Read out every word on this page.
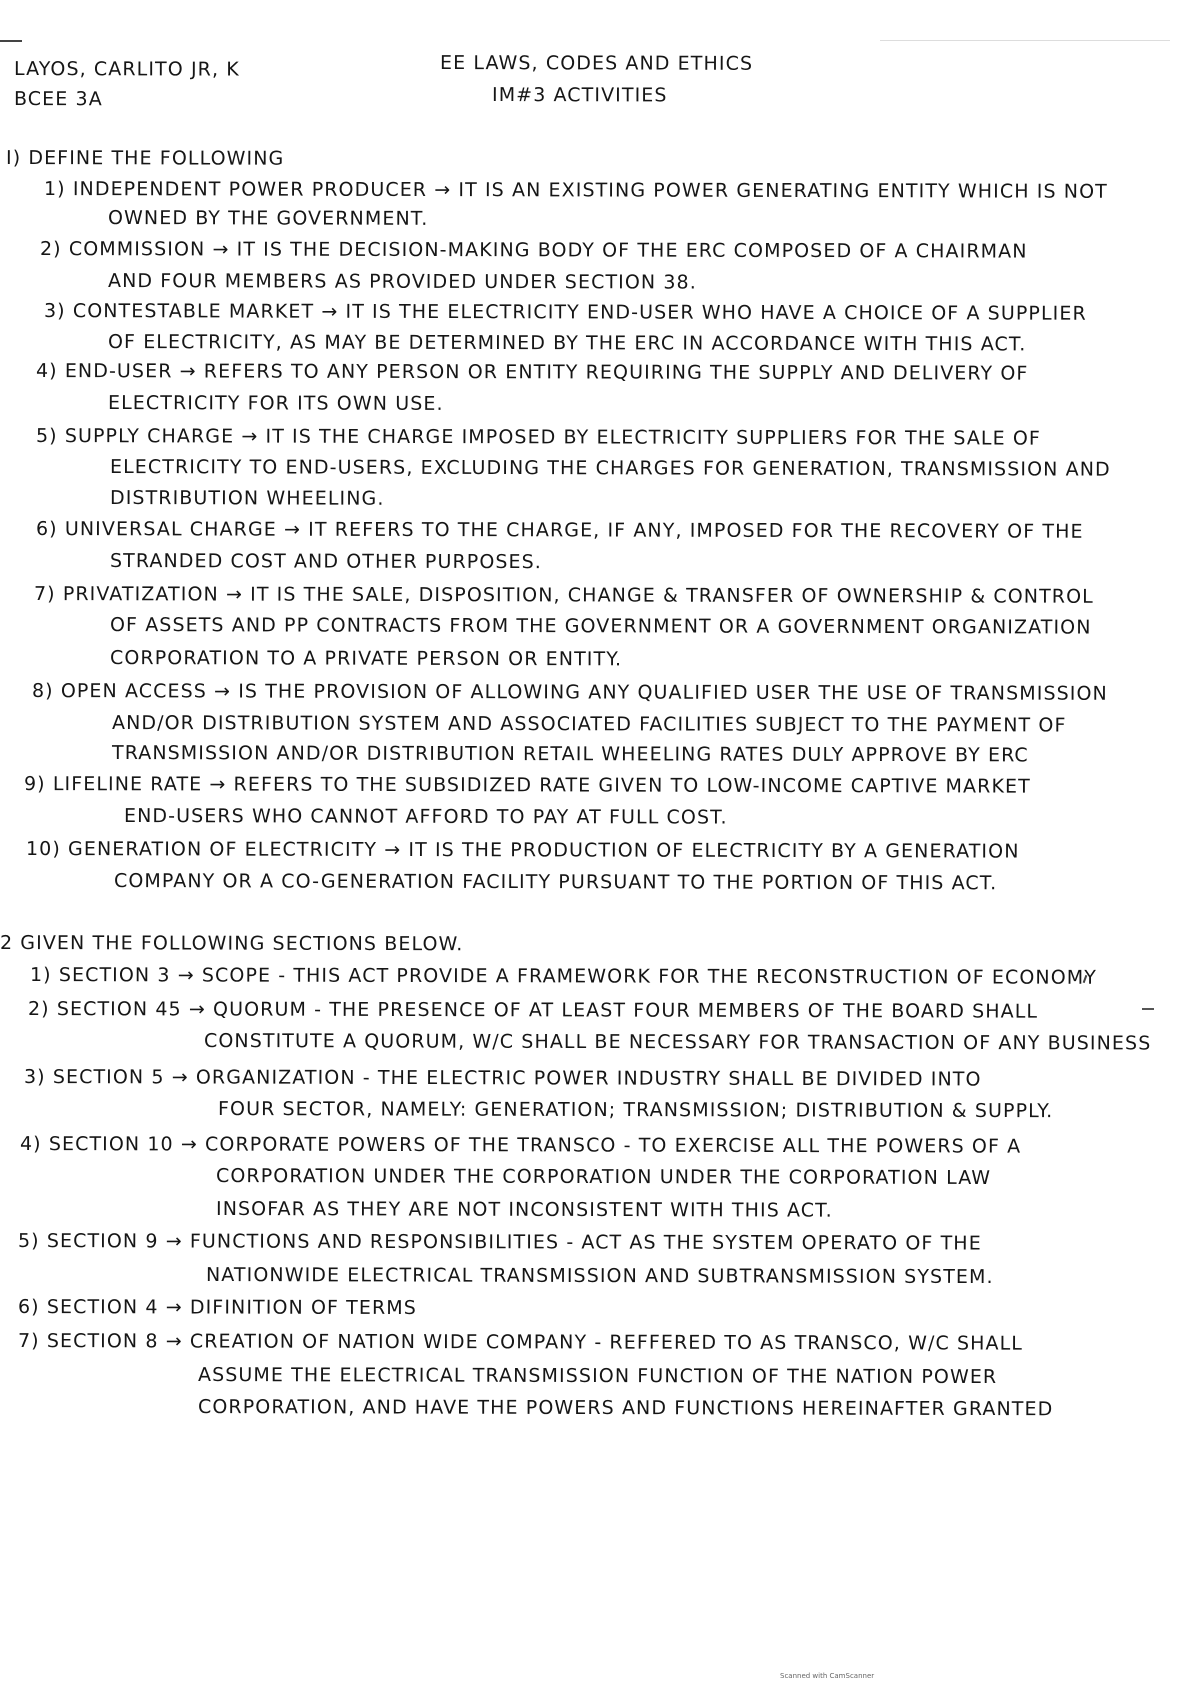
LAYOS, CARLITO JR, K
BCEE 3A
EE LAWS, CODES AND ETHICS
IM#3 ACTIVITIES
I) DEFINE THE FOLLOWING
1) INDEPENDENT POWER PRODUCER → IT IS AN EXISTING POWER GENERATING ENTITY WHICH IS NOT
OWNED BY THE GOVERNMENT.
2) COMMISSION → IT IS THE DECISION-MAKING BODY OF THE ERC COMPOSED OF A CHAIRMAN
AND FOUR MEMBERS AS PROVIDED UNDER SECTION 38.
3) CONTESTABLE MARKET → IT IS THE ELECTRICITY END-USER WHO HAVE A CHOICE OF A SUPPLIER
OF ELECTRICITY, AS MAY BE DETERMINED BY THE ERC IN ACCORDANCE WITH THIS ACT.
4) END-USER → REFERS TO ANY PERSON OR ENTITY REQUIRING THE SUPPLY AND DELIVERY OF
ELECTRICITY FOR ITS OWN USE.
5) SUPPLY CHARGE → IT IS THE CHARGE IMPOSED BY ELECTRICITY SUPPLIERS FOR THE SALE OF
ELECTRICITY TO END-USERS, EXCLUDING THE CHARGES FOR GENERATION, TRANSMISSION AND
DISTRIBUTION WHEELING.
6) UNIVERSAL CHARGE → IT REFERS TO THE CHARGE, IF ANY, IMPOSED FOR THE RECOVERY OF THE
STRANDED COST AND OTHER PURPOSES.
7) PRIVATIZATION → IT IS THE SALE, DISPOSITION, CHANGE & TRANSFER OF OWNERSHIP & CONTROL
OF ASSETS AND PP CONTRACTS FROM THE GOVERNMENT OR A GOVERNMENT ORGANIZATION
CORPORATION TO A PRIVATE PERSON OR ENTITY.
8) OPEN ACCESS → IS THE PROVISION OF ALLOWING ANY QUALIFIED USER THE USE OF TRANSMISSION
AND/OR DISTRIBUTION SYSTEM AND ASSOCIATED FACILITIES SUBJECT TO THE PAYMENT OF
TRANSMISSION AND/OR DISTRIBUTION RETAIL WHEELING RATES DULY APPROVE BY ERC
9) LIFELINE RATE → REFERS TO THE SUBSIDIZED RATE GIVEN TO LOW-INCOME CAPTIVE MARKET
END-USERS WHO CANNOT AFFORD TO PAY AT FULL COST.
10) GENERATION OF ELECTRICITY → IT IS THE PRODUCTION OF ELECTRICITY BY A GENERATION
COMPANY OR A CO-GENERATION FACILITY PURSUANT TO THE PORTION OF THIS ACT.
2 GIVEN THE FOLLOWING SECTIONS BELOW.
1) SECTION 3 → SCOPE - THIS ACT PROVIDE A FRAMEWORK FOR THE RECONSTRUCTION OF ECONOMY
2) SECTION 45 → QUORUM - THE PRESENCE OF AT LEAST FOUR MEMBERS OF THE BOARD SHALL
CONSTITUTE A QUORUM, W/C SHALL BE NECESSARY FOR TRANSACTION OF ANY BUSINESS
3) SECTION 5 → ORGANIZATION - THE ELECTRIC POWER INDUSTRY SHALL BE DIVIDED INTO
FOUR SECTOR, NAMELY: GENERATION; TRANSMISSION; DISTRIBUTION & SUPPLY.
4) SECTION 10 → CORPORATE POWERS OF THE TRANSCO - TO EXERCISE ALL THE POWERS OF A
CORPORATION UNDER THE CORPORATION UNDER THE CORPORATION LAW
INSOFAR AS THEY ARE NOT INCONSISTENT WITH THIS ACT.
5) SECTION 9 → FUNCTIONS AND RESPONSIBILITIES - ACT AS THE SYSTEM OPERATO OF THE
NATIONWIDE ELECTRICAL TRANSMISSION AND SUBTRANSMISSION SYSTEM.
6) SECTION 4 → DIFINITION OF TERMS
7) SECTION 8 → CREATION OF NATION WIDE COMPANY - REFFERED TO AS TRANSCO, W/C SHALL
ASSUME THE ELECTRICAL TRANSMISSION FUNCTION OF THE NATION POWER
CORPORATION, AND HAVE THE POWERS AND FUNCTIONS HEREINAFTER GRANTED
Scanned with CamScanner
